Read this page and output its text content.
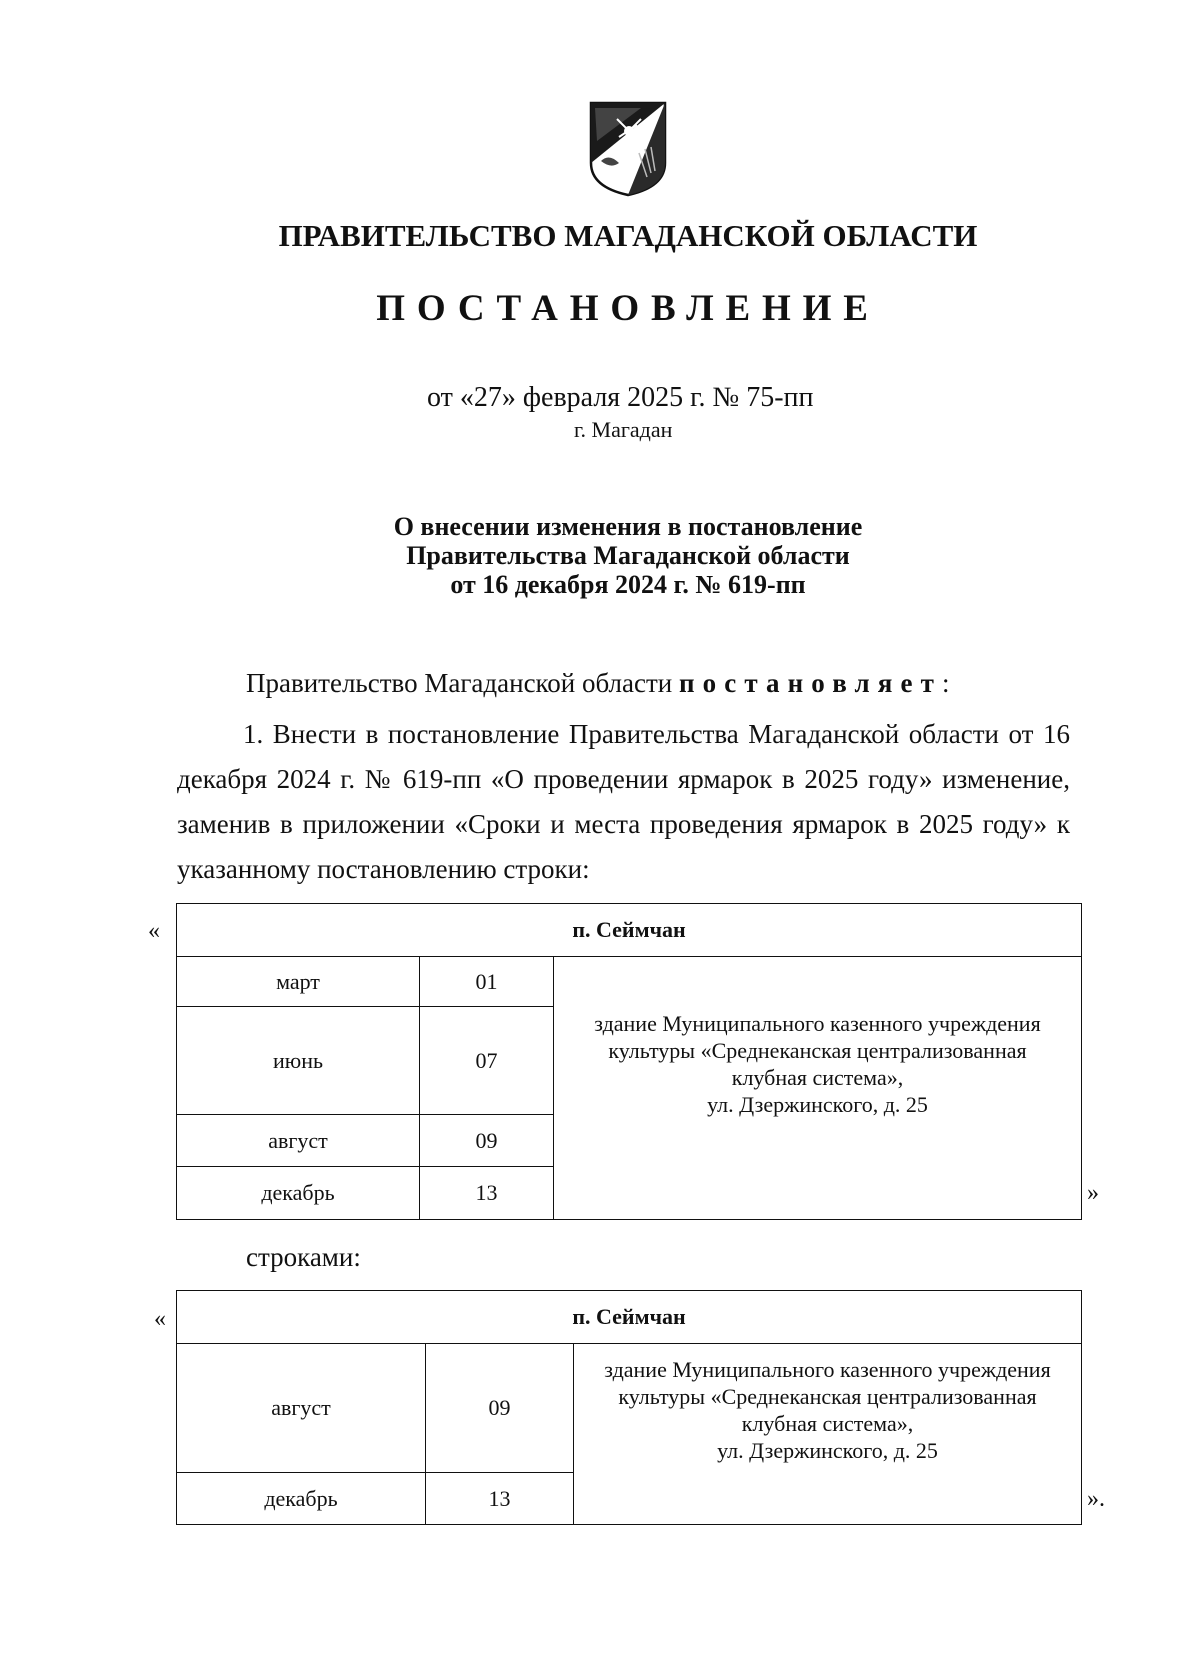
ПРАВИТЕЛЬСТВО МАГАДАНСКОЙ ОБЛАСТИ
ПОСТАНОВЛЕНИЕ
от «27» февраля 2025 г. № 75-пп
г. Магадан
О внесении изменения в постановление
Правительства Магаданской области
от 16 декабря 2024 г. № 619-пп
Правительство Магаданской области постановляет:
1. Внести в постановление Правительства Магаданской области от 16 декабря 2024 г. № 619-пп «О проведении ярмарок в 2025 году» изменение, заменив в приложении «Сроки и места проведения ярмарок в 2025 году» к указанному постановлению строки:
«	п. Сеймчан		
март	01	здание Муниципального казенного учреждения
культуры «Среднеканская централизованная
клубная система»,
ул. Дзержинского, д. 25

июнь	07	
август	09	
декабрь	13		»
строками:
«	п. Сеймчан		
август	09	здание Муниципального казенного учреждения
культуры «Среднеканская централизованная
клубная система»,
ул. Дзержинского, д. 25

декабрь	13		».
